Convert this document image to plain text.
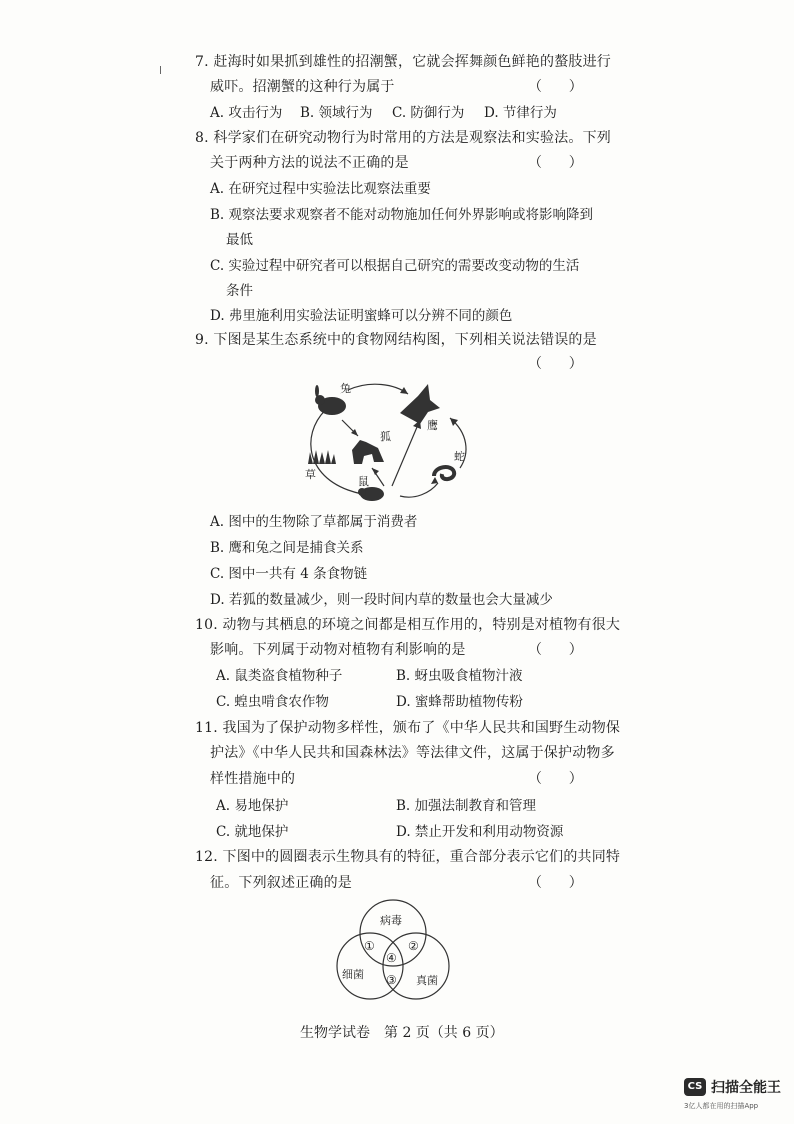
7. 赶海时如果抓到雄性的招潮蟹，它就会挥舞颜色鲜艳的螯肢进行
威吓。招潮蟹的这种行为属于	（      ）
A. 攻击行为 B. 领域行为 C. 防御行为 D. 节律行为
8. 科学家们在研究动物行为时常用的方法是观察法和实验法。下列
关于两种方法的说法不正确的是	（      ）
A. 在研究过程中实验法比观察法重要
B. 观察法要求观察者不能对动物施加任何外界影响或将影响降到
最低
C. 实验过程中研究者可以根据自己研究的需要改变动物的生活
条件
D. 弗里施利用实验法证明蜜蜂可以分辨不同的颜色
9. 下图是某生态系统中的食物网结构图，下列相关说法错误的是
（      ）
兔
鹰
狐
草
鼠
蛇
A. 图中的生物除了草都属于消费者
B. 鹰和兔之间是捕食关系
C. 图中一共有 4 条食物链
D. 若狐的数量减少，则一段时间内草的数量也会大量减少
10. 动物与其栖息的环境之间都是相互作用的，特别是对植物有很大
影响。下列属于动物对植物有利影响的是	（      ）
A. 鼠类盗食植物种子	B. 蚜虫吸食植物汁液
C. 蝗虫啃食农作物	D. 蜜蜂帮助植物传粉
11. 我国为了保护动物多样性，颁布了《中华人民共和国野生动物保
护法》《中华人民共和国森林法》等法律文件，这属于保护动物多
样性措施中的	（      ）
A. 易地保护	B. 加强法制教育和管理
C. 就地保护	D. 禁止开发和利用动物资源
12. 下图中的圆圈表示生物具有的特征，重合部分表示它们的共同特
征。下列叙述正确的是	（      ）
病毒
细菌	真菌
①	②
③
④
生物学试卷　第 2 页（共 6 页）
CS 扫描全能王
3亿人都在用的扫描App
